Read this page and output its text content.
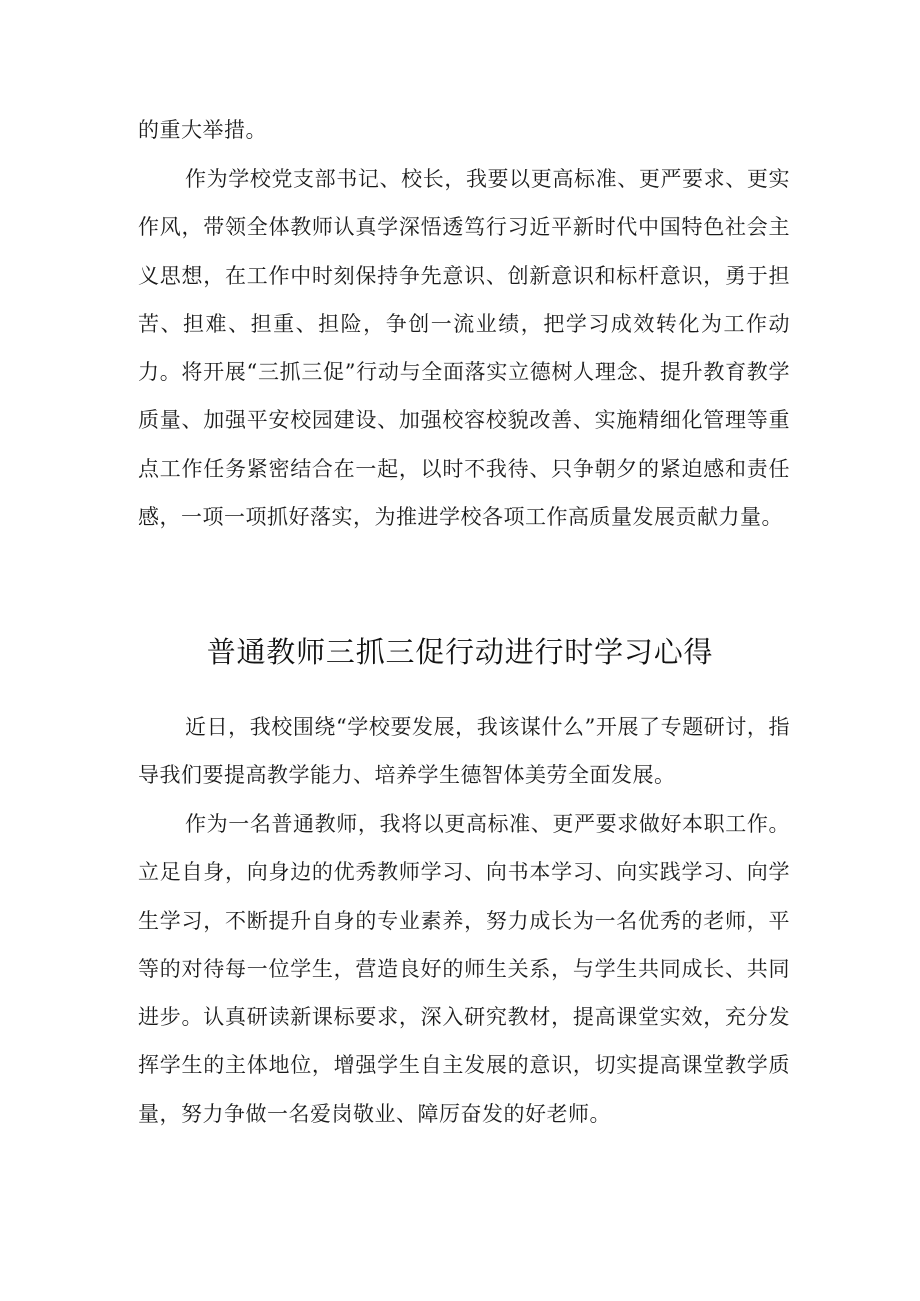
的重大举措。

作为学校党支部书记、校长，我要以更高标准、更严要求、更实作风，带领全体教师认真学深悟透笃行习近平新时代中国特色社会主义思想，在工作中时刻保持争先意识、创新意识和标杆意识，勇于担苦、担难、担重、担险，争创一流业绩，把学习成效转化为工作动力。将开展“三抓三促”行动与全面落实立德树人理念、提升教育教学质量、加强平安校园建设、加强校容校貌改善、实施精细化管理等重点工作任务紧密结合在一起，以时不我待、只争朝夕的紧迫感和责任感，一项一项抓好落实，为推进学校各项工作高质量发展贡献力量。

普通教师三抓三促行动进行时学习心得

近日，我校围绕“学校要发展，我该谋什么”开展了专题研讨，指导我们要提高教学能力、培养学生德智体美劳全面发展。

作为一名普通教师，我将以更高标准、更严要求做好本职工作。立足自身，向身边的优秀教师学习、向书本学习、向实践学习、向学生学习，不断提升自身的专业素养，努力成长为一名优秀的老师，平等的对待每一位学生，营造良好的师生关系，与学生共同成长、共同进步。认真研读新课标要求，深入研究教材，提高课堂实效，充分发挥学生的主体地位，增强学生自主发展的意识，切实提高课堂教学质量，努力争做一名爱岗敬业、障厉奋发的好老师。
